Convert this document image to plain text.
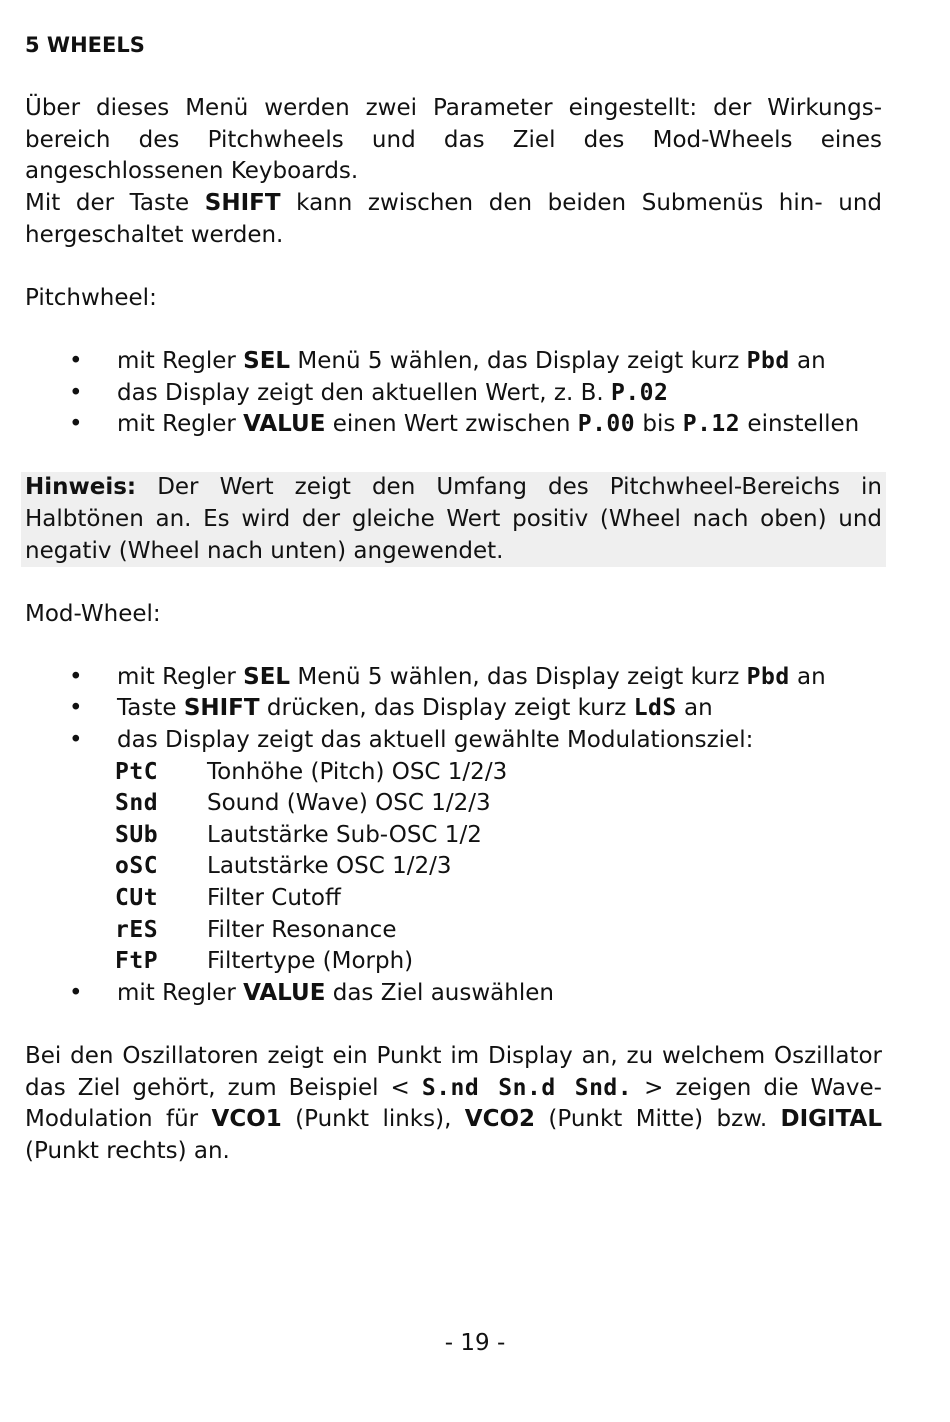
5 WHEELS

Über dieses Menü werden zwei Parameter eingestellt: der Wirkungs-bereich des Pitchwheels und das Ziel des Mod-Wheels eines angeschlossenen Keyboards.

Mit der Taste SHIFT kann zwischen den beiden Submenüs hin- und hergeschaltet werden.

Pitchwheel:

• mit Regler SEL Menü 5 wählen, das Display zeigt kurz Pbd an
• das Display zeigt den aktuellen Wert, z. B. P.02
• mit Regler VALUE einen Wert zwischen P.00 bis P.12 einstellen

Hinweis: Der Wert zeigt den Umfang des Pitchwheel-Bereichs in Halbtönen an. Es wird der gleiche Wert positiv (Wheel nach oben) und negativ (Wheel nach unten) angewendet.

Mod-Wheel:

• mit Regler SEL Menü 5 wählen, das Display zeigt kurz Pbd an
• Taste SHIFT drücken, das Display zeigt kurz LdS an
• das Display zeigt das aktuell gewählte Modulationsziel:
PtC	Tonhöhe (Pitch) OSC 1/2/3
Snd	Sound (Wave) OSC 1/2/3
SUb	Lautstärke Sub-OSC 1/2
oSC	Lautstärke OSC 1/2/3
CUt	Filter Cutoff
rES	Filter Resonance
FtP	Filtertype (Morph)
• mit Regler VALUE das Ziel auswählen

Bei den Oszillatoren zeigt ein Punkt im Display an, zu welchem Oszillator das Ziel gehört, zum Beispiel < S.nd Sn.d Snd. > zeigen die Wave-Modulation für VCO1 (Punkt links), VCO2 (Punkt Mitte) bzw. DIGITAL (Punkt rechts) an.

- 19 -
